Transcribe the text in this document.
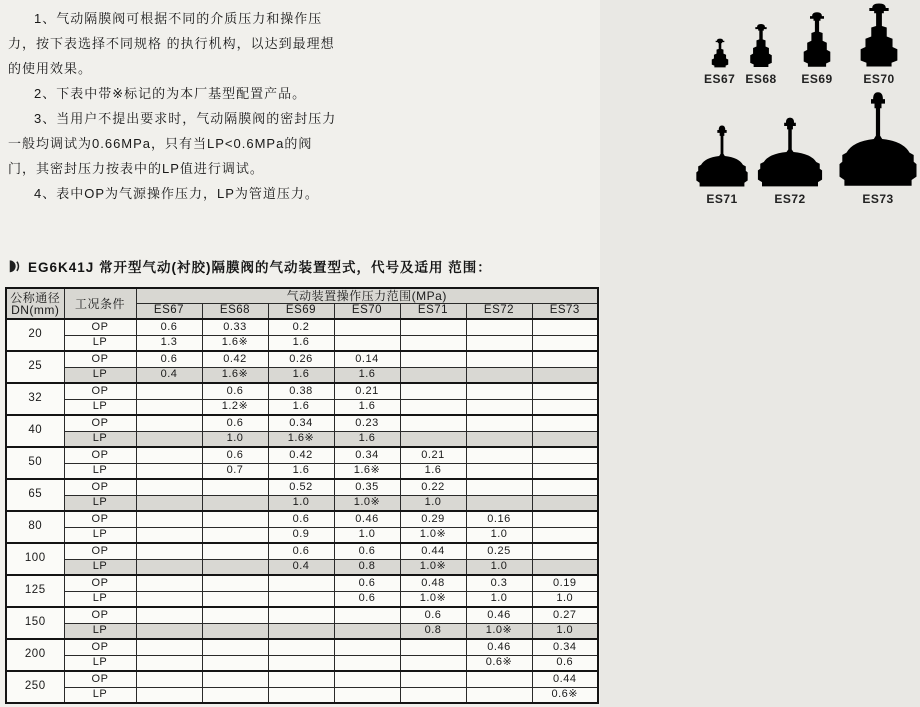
1、气动隔膜阀可根据不同的介质压力和操作压力，按下表选择不同规格 的执行机构，以达到最理想的使用效果。

2、下表中带※标记的为本厂基型配置产品。

3、当用户不提出要求时，气动隔膜阀的密封压力一般均调试为0.66MPa，只有当LP<0.6MPa的阀门，其密封压力按表中的LP值进行调试。

4、表中OP为气源操作压力，LP为管道压力。

ES67 ES68 ES69	ES70
ES71	ES72	ES73
EG6K41J 常开型气动(衬胶)隔膜阀的气动装置型式，代号及适用 范围：
公称通径
DN(mm)	工况条件	气动装置操作压力范围(MPa)						
		ES67	ES68	ES69	ES70	ES71	ES72	ES73
20	OP	0.6	0.33	0.2				
	LP	1.3	1.6※	1.6				
25	OP	0.6	0.42	0.26	0.14			
	LP	0.4	1.6※	1.6	1.6			
32	OP		0.6	0.38	0.21			
	LP		1.2※	1.6	1.6			
40	OP		0.6	0.34	0.23			
	LP		1.0	1.6※	1.6			
50	OP		0.6	0.42	0.34	0.21		
	LP		0.7	1.6	1.6※	1.6		
65	OP			0.52	0.35	0.22		
	LP			1.0	1.0※	1.0		
80	OP			0.6	0.46	0.29	0.16	
	LP			0.9	1.0	1.0※	1.0	
100	OP			0.6	0.6	0.44	0.25	
	LP			0.4	0.8	1.0※	1.0	
125	OP				0.6	0.48	0.3	0.19
	LP				0.6	1.0※	1.0	1.0
150	OP					0.6	0.46	0.27
	LP					0.8	1.0※	1.0
200	OP						0.46	0.34
	LP						0.6※	0.6
250	OP							0.44
	LP							0.6※
